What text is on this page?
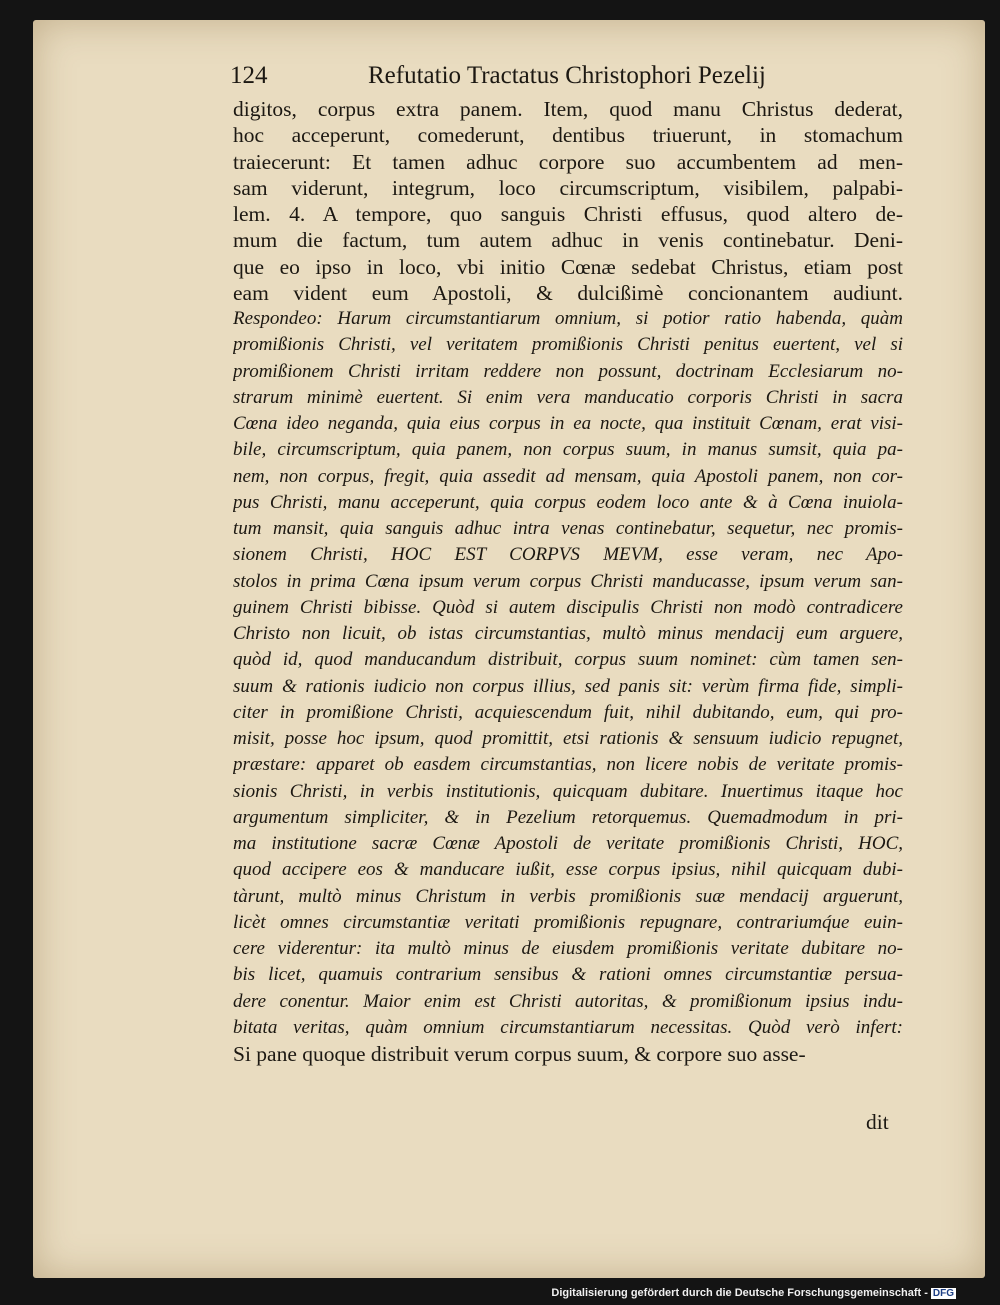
124	Refutatio Tractatus Christophori Pezelij
digitos, corpus extra panem. Item, quod manu Christus dederat,
hoc acceperunt, comederunt, dentibus triuerunt, in stomachum
traiecerunt: Et tamen adhuc corpore suo accumbentem ad men-
sam viderunt, integrum, loco circumscriptum, visibilem, palpabi-
lem. 4. A tempore, quo sanguis Christi effusus, quod altero de-
mum die factum, tum autem adhuc in venis continebatur. Deni-
que eo ipso in loco, vbi initio Cœnæ sedebat Christus, etiam post
eam vident eum Apostoli, & dulcißimè concionantem audiunt.
Respondeo: Harum circumstantiarum omnium, si potior ratio habenda, quàm
promißionis Christi, vel veritatem promißionis Christi penitus euertent, vel si
promißionem Christi irritam reddere non possunt, doctrinam Ecclesiarum no-
strarum minimè euertent. Si enim vera manducatio corporis Christi in sacra
Cœna ideo neganda, quia eius corpus in ea nocte, qua instituit Cœnam, erat visi-
bile, circumscriptum, quia panem, non corpus suum, in manus sumsit, quia pa-
nem, non corpus, fregit, quia assedit ad mensam, quia Apostoli panem, non cor-
pus Christi, manu acceperunt, quia corpus eodem loco ante & à Cœna inuiola-
tum mansit, quia sanguis adhuc intra venas continebatur, sequetur, nec promis-
sionem Christi, HOC EST CORPVS MEVM, esse veram, nec Apo-
stolos in prima Cœna ipsum verum corpus Christi manducasse, ipsum verum san-
guinem Christi bibisse. Quòd si autem discipulis Christi non modò contradicere
Christo non licuit, ob istas circumstantias, multò minus mendacij eum arguere,
quòd id, quod manducandum distribuit, corpus suum nominet: cùm tamen sen-
suum & rationis iudicio non corpus illius, sed panis sit: verùm firma fide, simpli-
citer in promißione Christi, acquiescendum fuit, nihil dubitando, eum, qui pro-
misit, posse hoc ipsum, quod promittit, etsi rationis & sensuum iudicio repugnet,
præstare: apparet ob easdem circumstantias, non licere nobis de veritate promis-
sionis Christi, in verbis institutionis, quicquam dubitare. Inuertimus itaque hoc
argumentum simpliciter, & in Pezelium retorquemus. Quemadmodum in pri-
ma institutione sacræ Cœnæ Apostoli de veritate promißionis Christi, HOC,
quod accipere eos & manducare iußit, esse corpus ipsius, nihil quicquam dubi-
tàrunt, multò minus Christum in verbis promißionis suæ mendacij arguerunt,
licèt omnes circumstantiæ veritati promißionis repugnare, contrariumq́ue euin-
cere viderentur: ita multò minus de eiusdem promißionis veritate dubitare no-
bis licet, quamuis contrarium sensibus & rationi omnes circumstantiæ persua-
dere conentur. Maior enim est Christi autoritas, & promißionum ipsius indu-
bitata veritas, quàm omnium circumstantiarum necessitas. Quòd verò infert:
Si pane quoque distribuit verum corpus suum, & corpore suo asse-
dit
Digitalisierung gefördert durch die Deutsche Forschungsgemeinschaft - DFG
